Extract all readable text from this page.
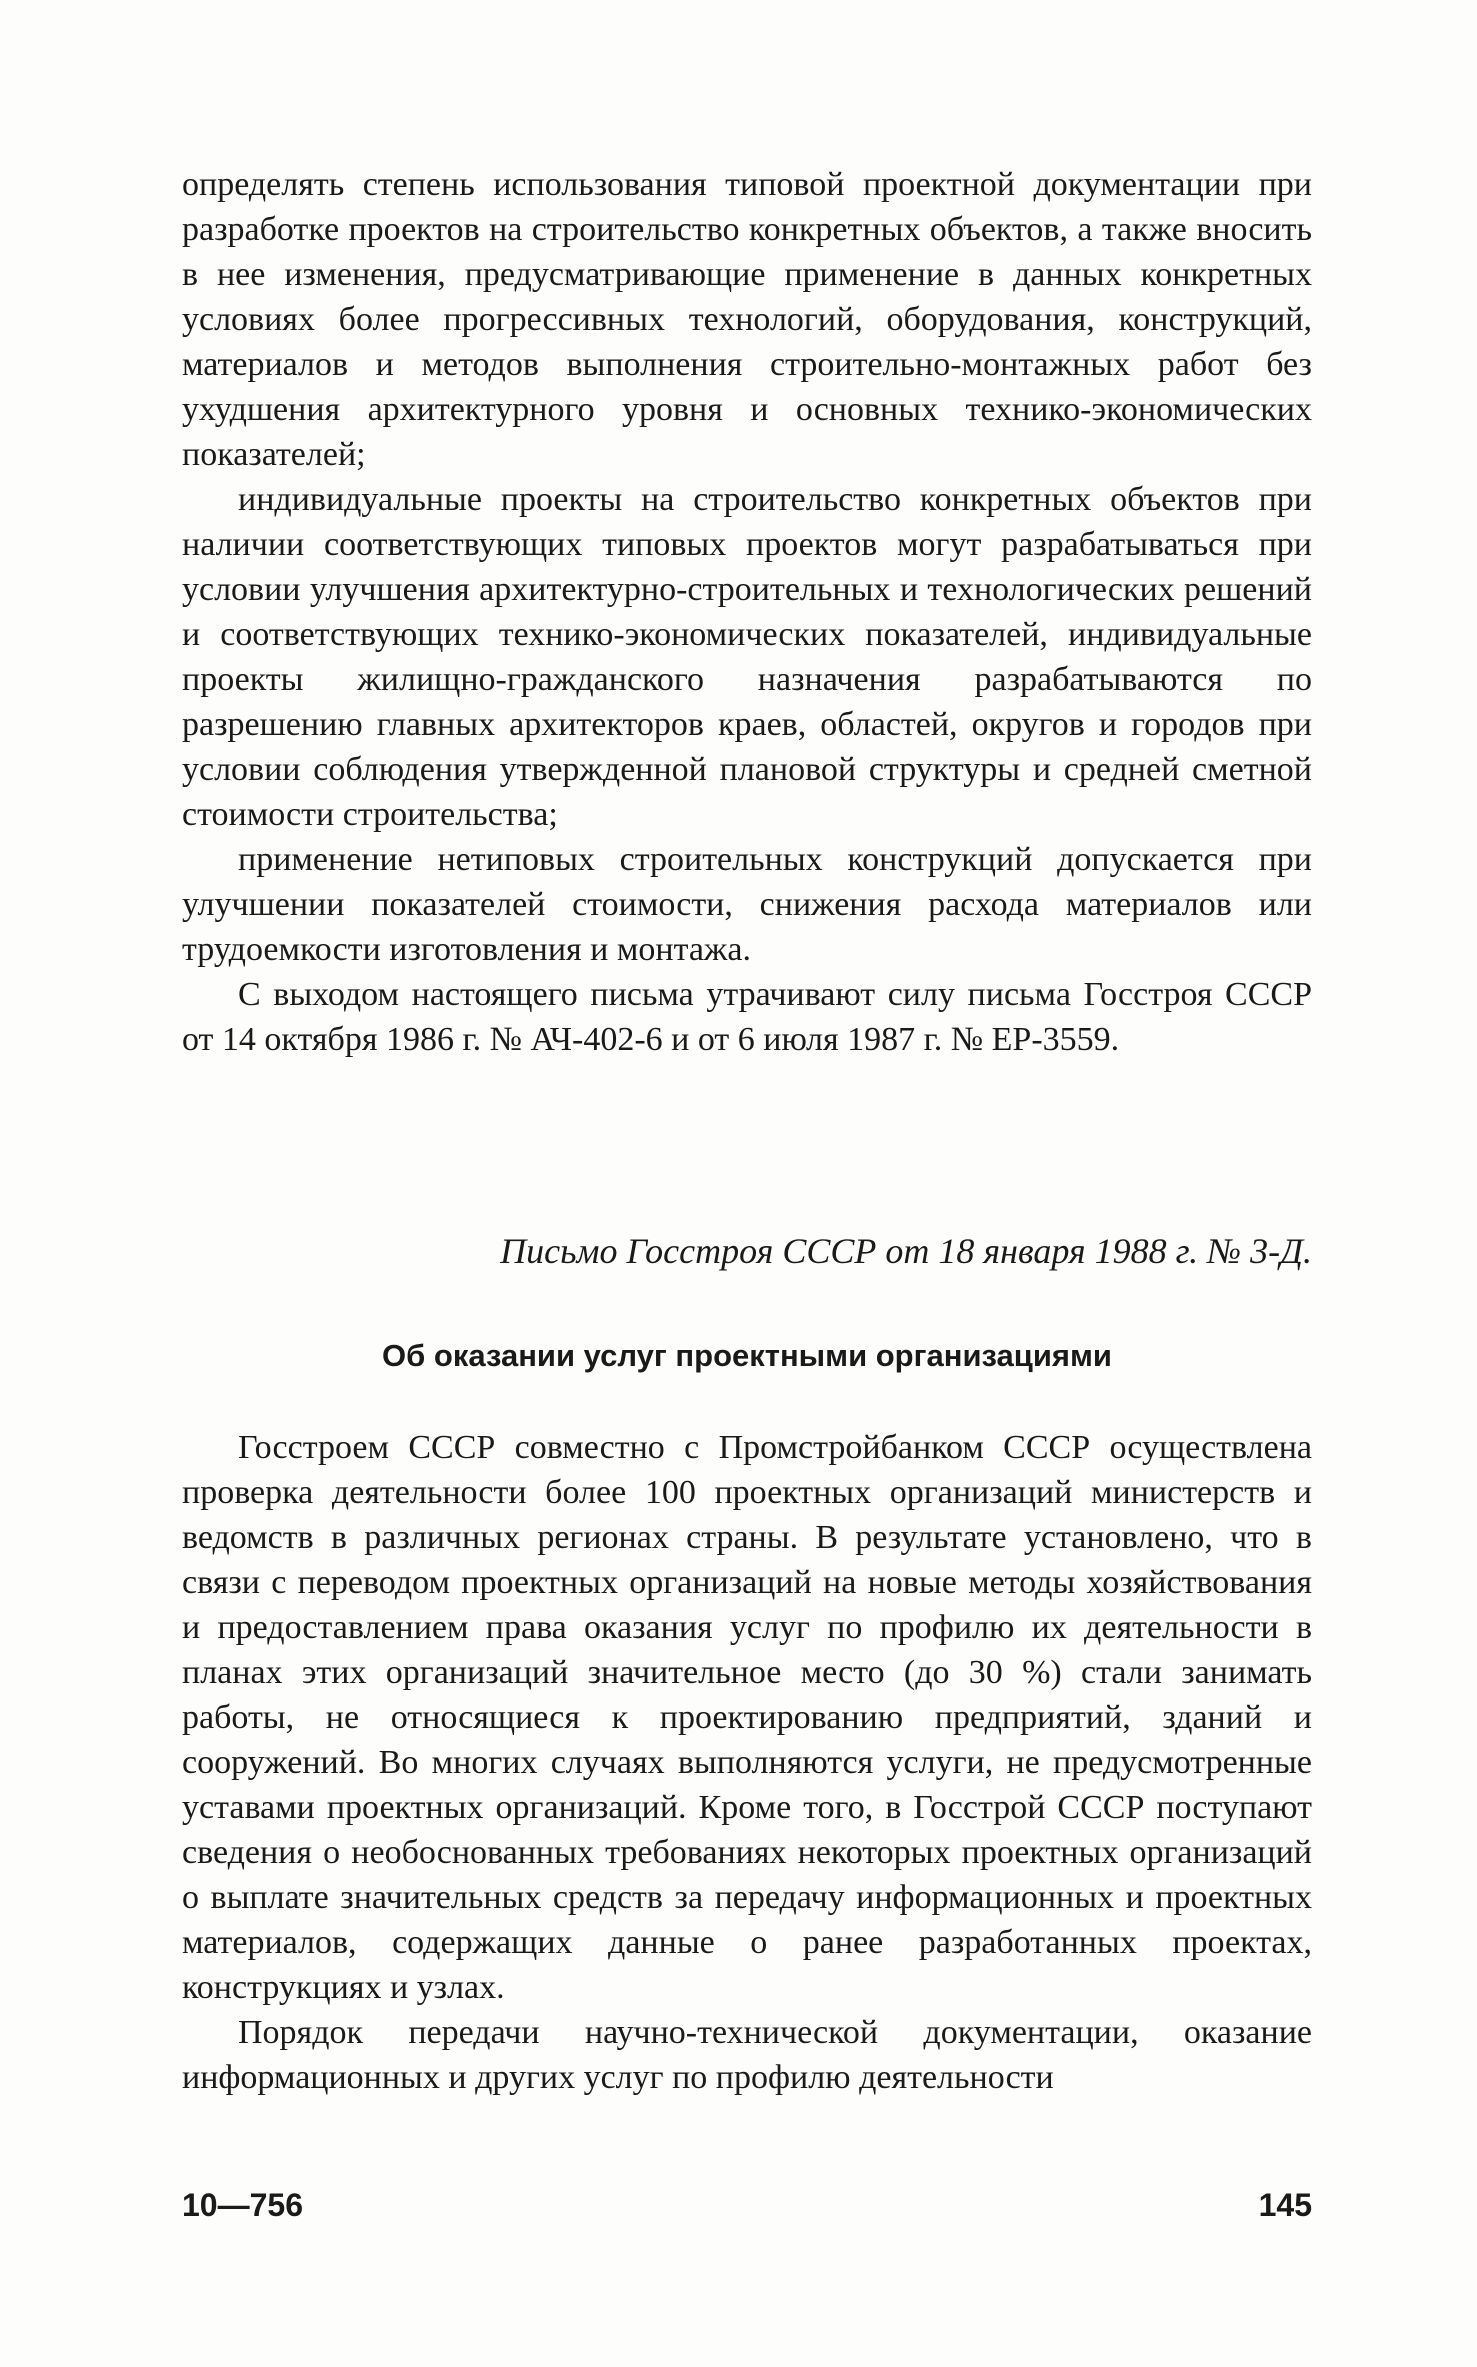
определять степень использования типовой проектной документации при разработке проектов на строительство конкретных объектов, а также вносить в нее изменения, предусматривающие применение в данных конкретных условиях более прогрессивных технологий, оборудования, конструкций, материалов и методов выполнения строительно-монтажных работ без ухудшения архитектурного уровня и основных технико-экономических показателей;

индивидуальные проекты на строительство конкретных объектов при наличии соответствующих типовых проектов могут разрабатываться при условии улучшения архитектурно-строительных и технологических решений и соответствующих технико-экономических показателей, индивидуальные проекты жилищно-гражданского назначения разрабатываются по разрешению главных архитекторов краев, областей, округов и городов при условии соблюдения утвержденной плановой структуры и средней сметной стоимости строительства;

применение нетиповых строительных конструкций допускается при улучшении показателей стоимости, снижения расхода материалов или трудоемкости изготовления и монтажа.

С выходом настоящего письма утрачивают силу письма Госстроя СССР от 14 октября 1986 г. № АЧ-402-6 и от 6 июля 1987 г. № ЕР-3559.

Письмо Госстроя СССР от 18 января 1988 г. № 3-Д.
Об оказании услуг проектными организациями

Госстроем СССР совместно с Промстройбанком СССР осуществлена проверка деятельности более 100 проектных организаций министерств и ведомств в различных регионах страны. В результате установлено, что в связи с переводом проектных организаций на новые методы хозяйствования и предоставлением права оказания услуг по профилю их деятельности в планах этих организаций значительное место (до 30 %) стали занимать работы, не относящиеся к проектированию предприятий, зданий и сооружений. Во многих случаях выполняются услуги, не предусмотренные уставами проектных организаций. Кроме того, в Госстрой СССР поступают сведения о необоснованных требованиях некоторых проектных организаций о выплате значительных средств за передачу информационных и проектных материалов, содержащих данные о ранее разработанных проектах, конструкциях и узлах.

Порядок передачи научно-технической документации, оказание информационных и других услуг по профилю деятельности

10—756	145
